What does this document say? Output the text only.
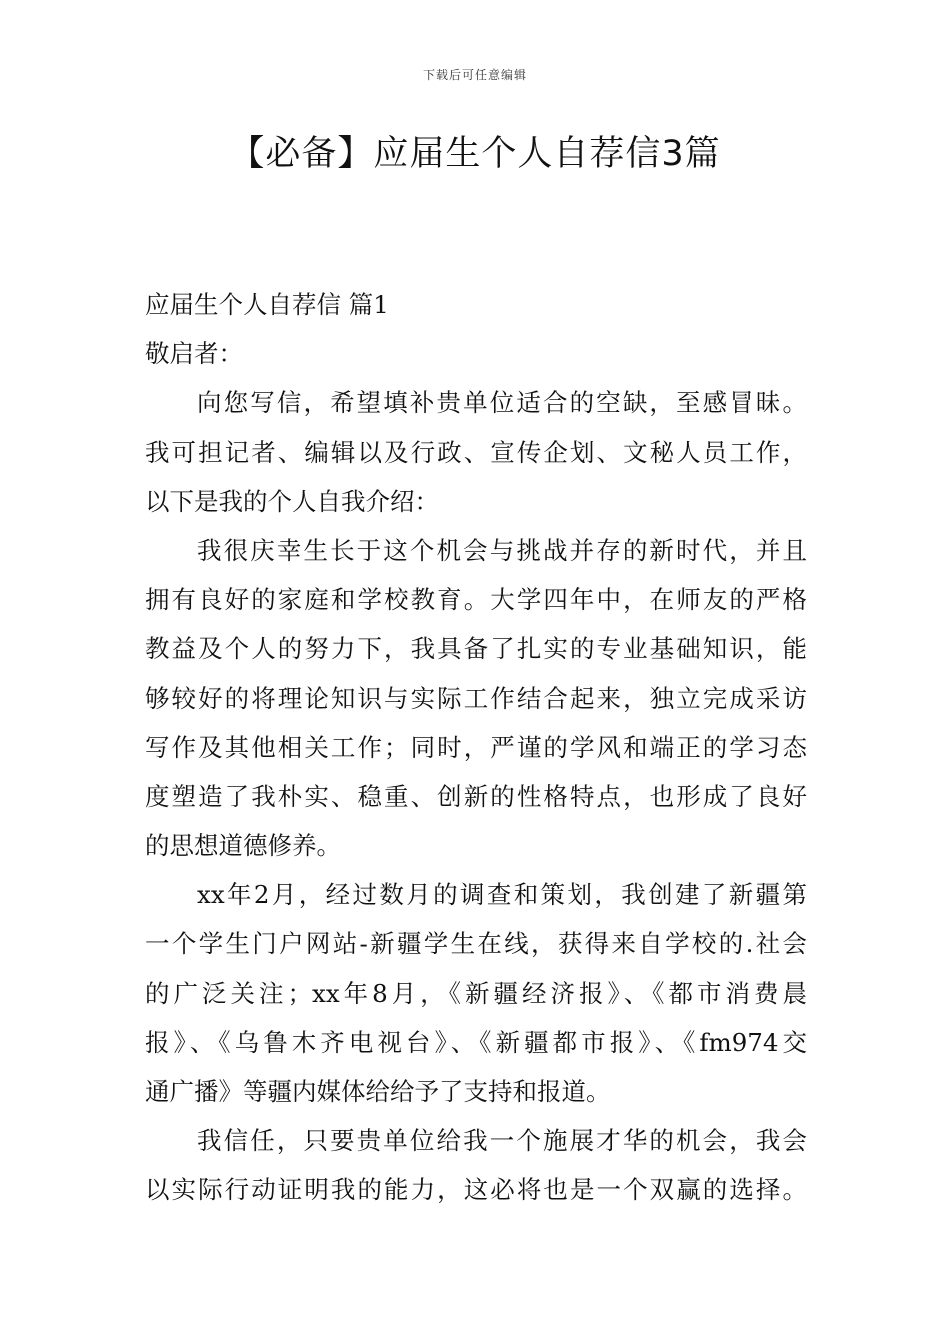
下载后可任意编辑
【必备】应届生个人自荐信3篇
应届生个人自荐信 篇1
敬启者：
向您写信，希望填补贵单位适合的空缺，至感冒昧。
我可担记者、编辑以及行政、宣传企划、文秘人员工作，
以下是我的个人自我介绍：
我很庆幸生长于这个机会与挑战并存的新时代，并且
拥有良好的家庭和学校教育。大学四年中，在师友的严格
教益及个人的努力下，我具备了扎实的专业基础知识，能
够较好的将理论知识与实际工作结合起来，独立完成采访
写作及其他相关工作；同时，严谨的学风和端正的学习态
度塑造了我朴实、稳重、创新的性格特点，也形成了良好
的思想道德修养。
xx年2月，经过数月的调查和策划，我创建了新疆第
一个学生门户网站-新疆学生在线，获得来自学校的.社会
的广泛关注；xx年8月，《新疆经济报》、《都市消费晨
报》、《乌鲁木齐电视台》、《新疆都市报》、《fm974交
通广播》等疆内媒体给给予了支持和报道。
我信任，只要贵单位给我一个施展才华的机会，我会
以实际行动证明我的能力，这必将也是一个双赢的选择。
